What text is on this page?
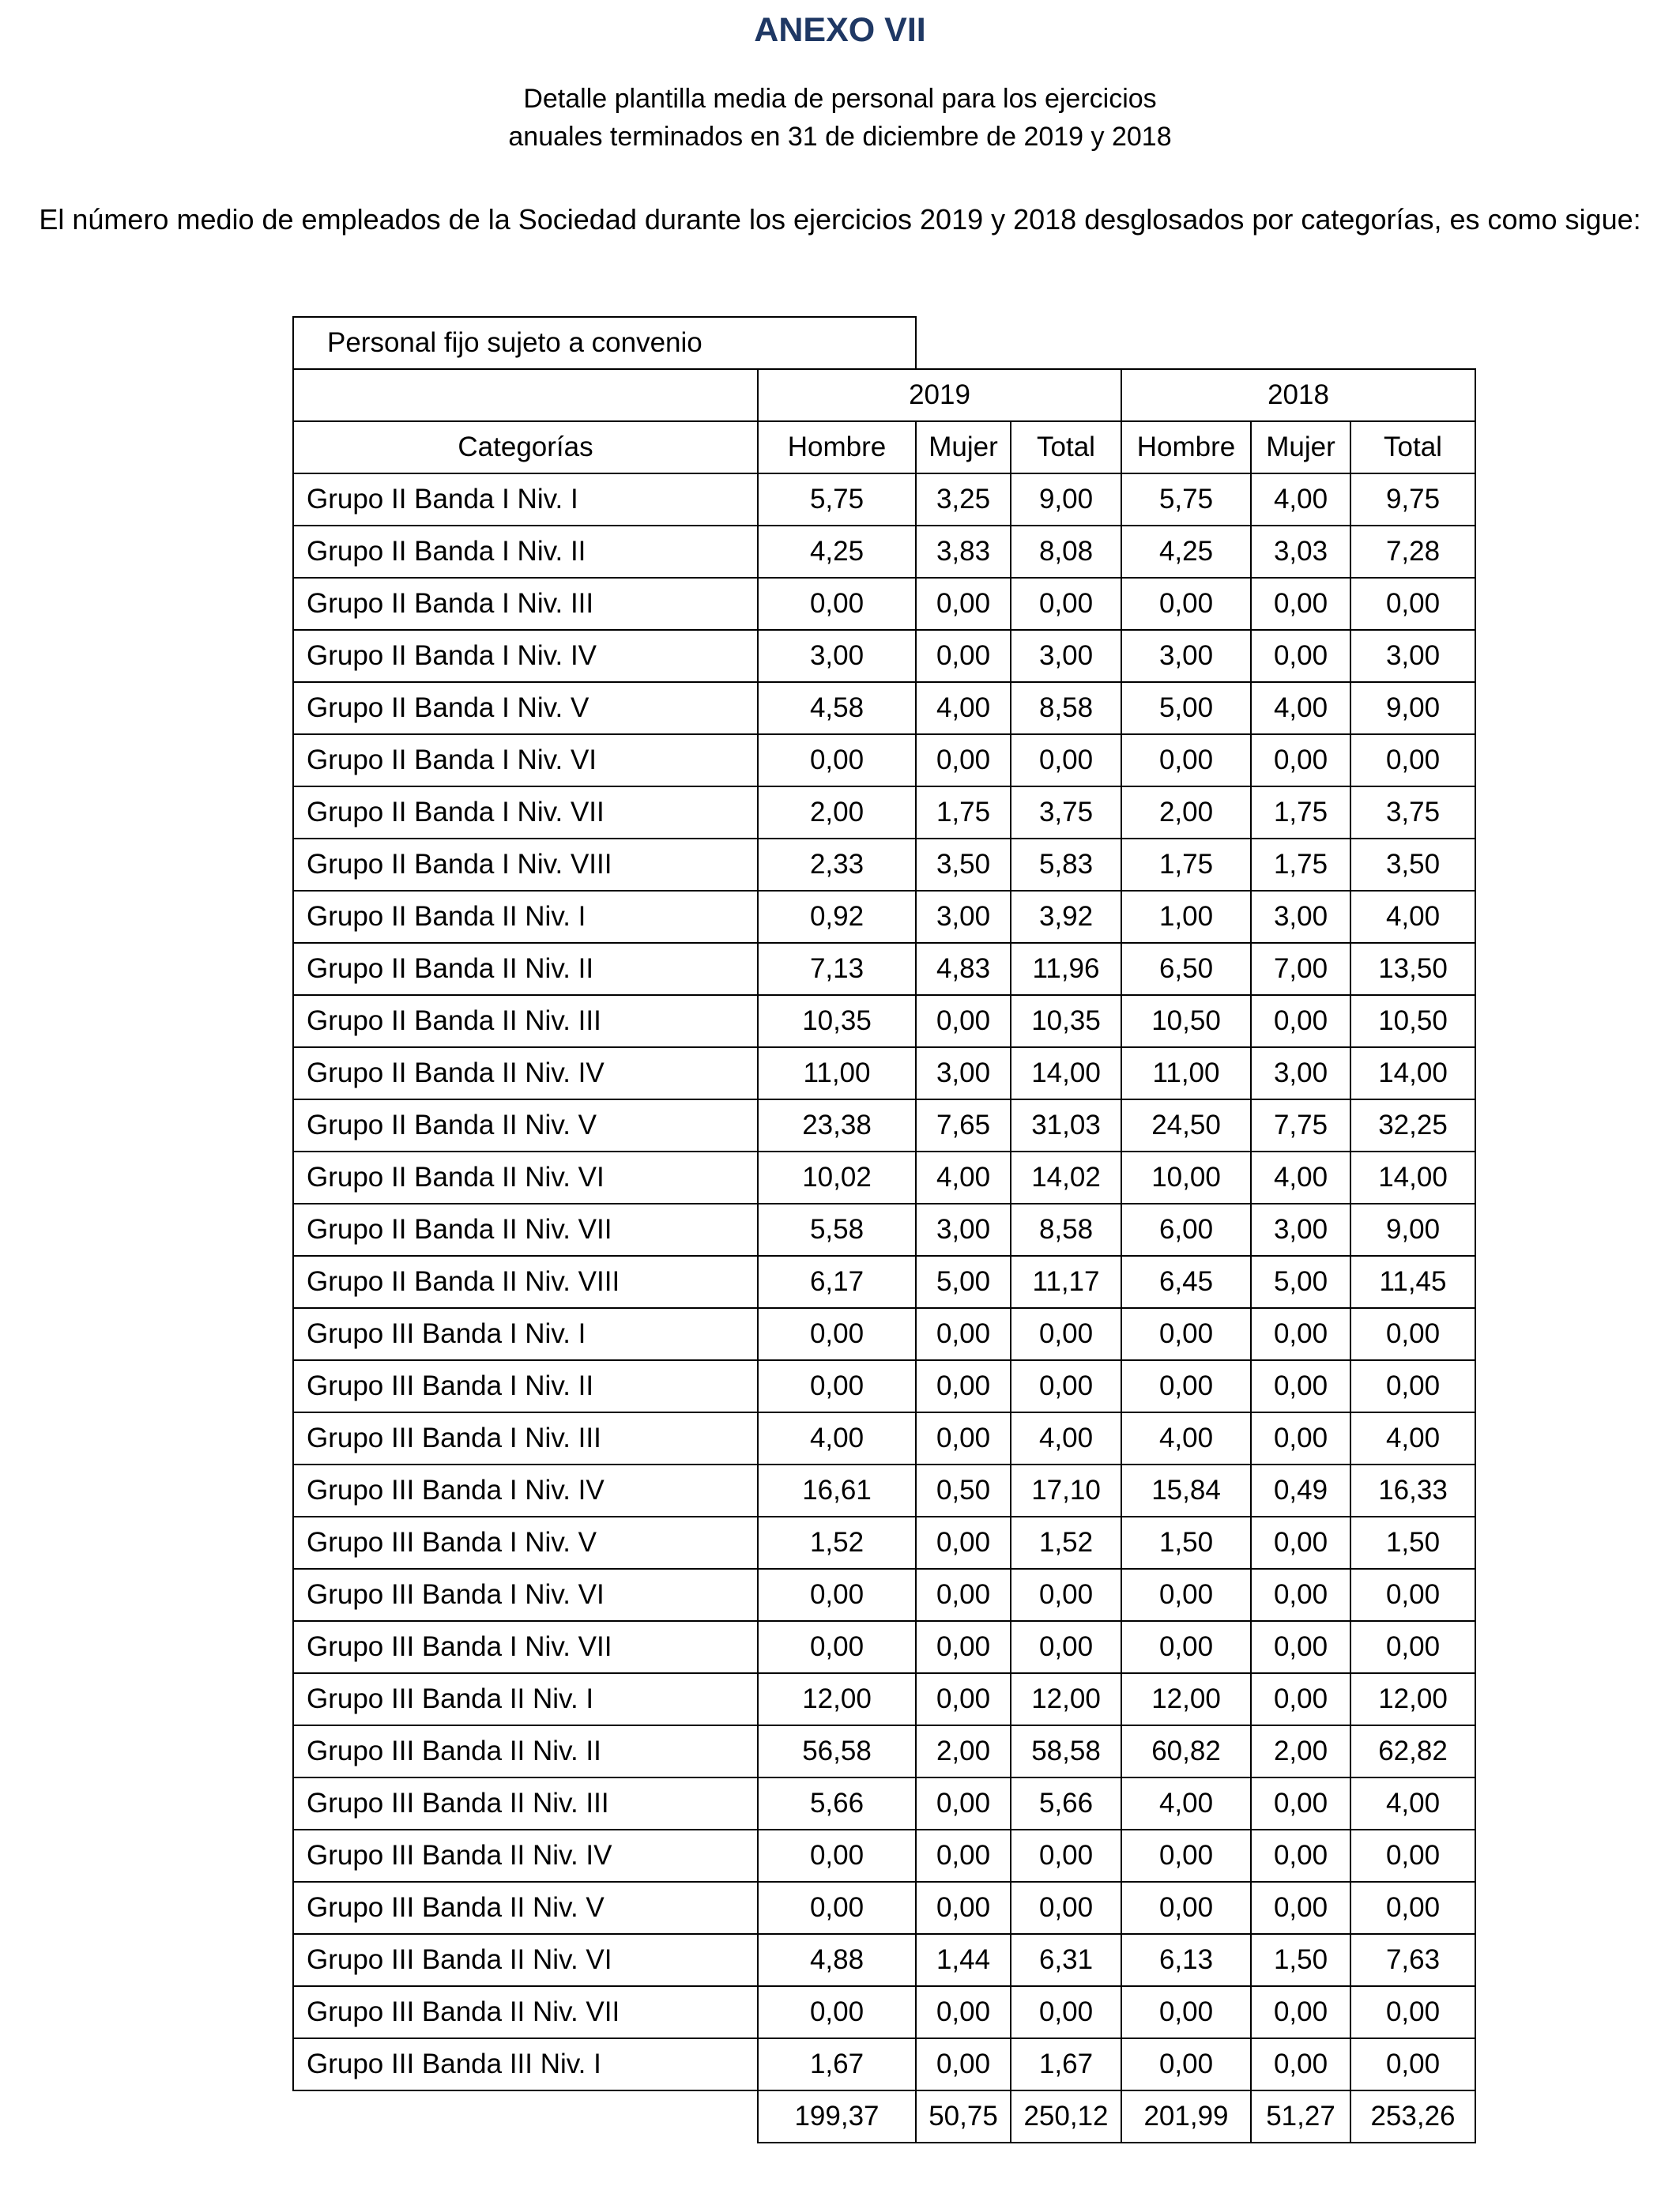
ANEXO VII

Detalle plantilla media de personal para los ejercicios

anuales terminados en 31 de diciembre de 2019 y 2018

El número medio de empleados de la Sociedad durante los ejercicios 2019 y 2018 desglosados por categorías, es como sigue:

Personal fijo sujeto a convenio						
	2019			2018		
Categorías	Hombre	Mujer	Total	Hombre	Mujer	Total
Grupo II Banda I Niv. I	5,75	3,25	9,00	5,75	4,00	9,75
Grupo II Banda I Niv. II	4,25	3,83	8,08	4,25	3,03	7,28
Grupo II Banda I Niv. III	0,00	0,00	0,00	0,00	0,00	0,00
Grupo II Banda I Niv. IV	3,00	0,00	3,00	3,00	0,00	3,00
Grupo II Banda I Niv. V	4,58	4,00	8,58	5,00	4,00	9,00
Grupo II Banda I Niv. VI	0,00	0,00	0,00	0,00	0,00	0,00
Grupo II Banda I Niv. VII	2,00	1,75	3,75	2,00	1,75	3,75
Grupo II Banda I Niv. VIII	2,33	3,50	5,83	1,75	1,75	3,50
Grupo II Banda II Niv. I	0,92	3,00	3,92	1,00	3,00	4,00
Grupo II Banda II Niv. II	7,13	4,83	11,96	6,50	7,00	13,50
Grupo II Banda II Niv. III	10,35	0,00	10,35	10,50	0,00	10,50
Grupo II Banda II Niv. IV	11,00	3,00	14,00	11,00	3,00	14,00
Grupo II Banda II Niv. V	23,38	7,65	31,03	24,50	7,75	32,25
Grupo II Banda II Niv. VI	10,02	4,00	14,02	10,00	4,00	14,00
Grupo II Banda II Niv. VII	5,58	3,00	8,58	6,00	3,00	9,00
Grupo II Banda II Niv. VIII	6,17	5,00	11,17	6,45	5,00	11,45
Grupo III Banda I Niv. I	0,00	0,00	0,00	0,00	0,00	0,00
Grupo III Banda I Niv. II	0,00	0,00	0,00	0,00	0,00	0,00
Grupo III Banda I Niv. III	4,00	0,00	4,00	4,00	0,00	4,00
Grupo III Banda I Niv. IV	16,61	0,50	17,10	15,84	0,49	16,33
Grupo III Banda I Niv. V	1,52	0,00	1,52	1,50	0,00	1,50
Grupo III Banda I Niv. VI	0,00	0,00	0,00	0,00	0,00	0,00
Grupo III Banda I Niv. VII	0,00	0,00	0,00	0,00	0,00	0,00
Grupo III Banda II Niv. I	12,00	0,00	12,00	12,00	0,00	12,00
Grupo III Banda II Niv. II	56,58	2,00	58,58	60,82	2,00	62,82
Grupo III Banda II Niv. III	5,66	0,00	5,66	4,00	0,00	4,00
Grupo III Banda II Niv. IV	0,00	0,00	0,00	0,00	0,00	0,00
Grupo III Banda II Niv. V	0,00	0,00	0,00	0,00	0,00	0,00
Grupo III Banda II Niv. VI	4,88	1,44	6,31	6,13	1,50	7,63
Grupo III Banda II Niv. VII	0,00	0,00	0,00	0,00	0,00	0,00
Grupo III Banda III Niv. I	1,67	0,00	1,67	0,00	0,00	0,00
	199,37	50,75	250,12	201,99	51,27	253,26
